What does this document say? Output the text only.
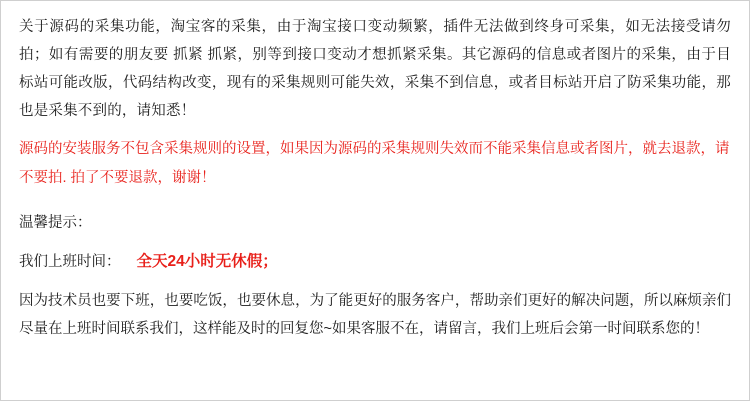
关于源码的采集功能，淘宝客的采集，由于淘宝接口变动频繁，插件无法做到终身可采集，如无法接受请勿拍；如有需要的朋友要 抓紧 抓紧，别等到接口变动才想抓紧采集。其它源码的信息或者图片的采集，由于目标站可能改版，代码结构改变，现有的采集规则可能失效，采集不到信息，或者目标站开启了防采集功能，那也是采集不到的，请知悉！

源码的安装服务不包含采集规则的设置，如果因为源码的采集规则失效而不能采集信息或者图片，就去退款，请不要拍. 拍了不要退款，谢谢！

温馨提示：

我们上班时间： 全天24小时无休假；

因为技术员也要下班，也要吃饭，也要休息，为了能更好的服务客户，帮助亲们更好的解决问题，所以麻烦亲们尽量在上班时间联系我们，这样能及时的回复您~如果客服不在，请留言，我们上班后会第一时间联系您的！
